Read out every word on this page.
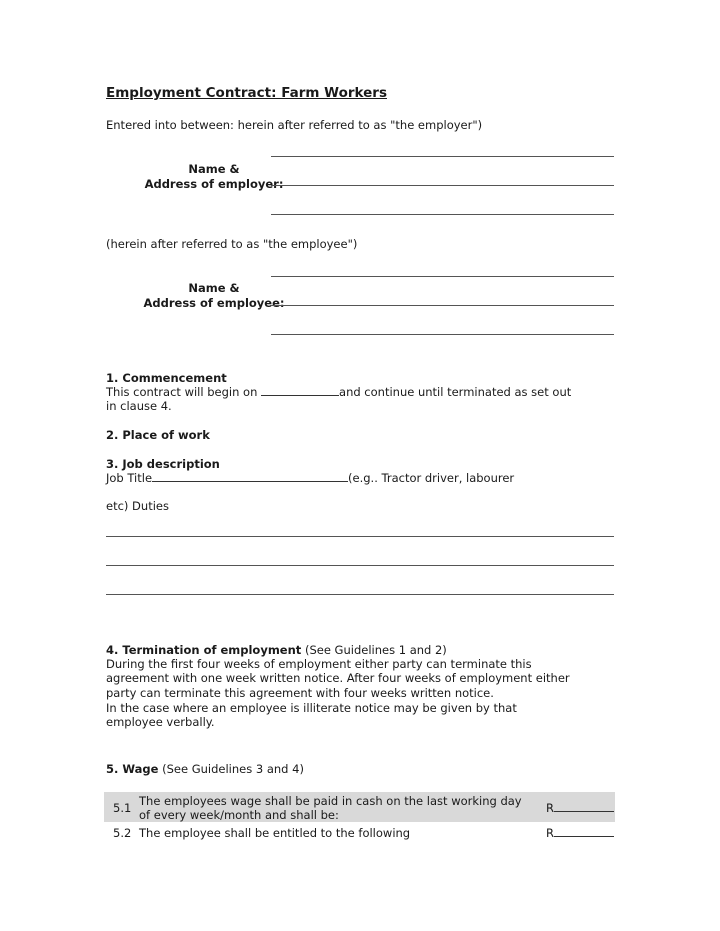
Employment Contract: Farm Workers
Entered into between: herein after referred to as "the employer")
Name &
Address of employer:
(herein after referred to as "the employee")
Name &
Address of employee:
1. Commencement
This contract will begin on	and continue until terminated as set out
in clause 4.
2. Place of work
3. Job description
Job Title	(e.g.. Tractor driver, labourer
etc) Duties
4. Termination of employment (See Guidelines 1 and 2)
During the first four weeks of employment either party can terminate this
agreement with one week written notice. After four weeks of employment either
party can terminate this agreement with four weeks written notice.
In the case where an employee is illiterate notice may be given by that
employee verbally.
5. Wage (See Guidelines 3 and 4)
5.1 The employees wage shall be paid in cash on the last working day
of every week/month and shall be:	R
5.2 The employee shall be entitled to the following	R
